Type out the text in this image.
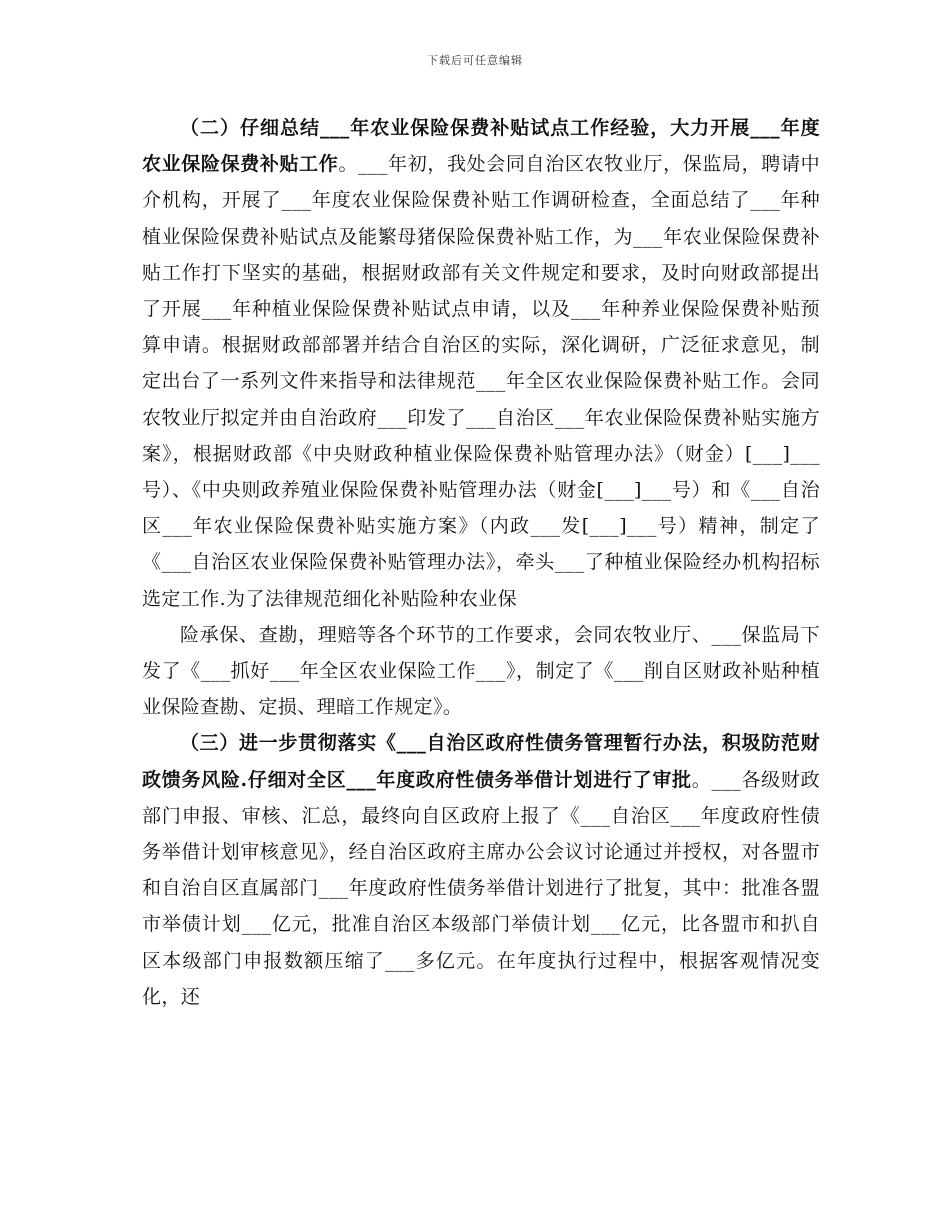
下载后可任意编辑

（二）仔细总结___年农业保险保费补贴试点工作经验，大力开展___年度农业保险保费补贴工作。___年初，我处会同自治区农牧业厅，保监局，聘请中介机构，开展了___年度农业保险保费补贴工作调研检查，全面总结了___年种植业保险保费补贴试点及能繁母猪保险保费补贴工作，为___年农业保险保费补贴工作打下坚实的基础，根据财政部有关文件规定和要求，及时向财政部提出了开展___年种植业保险保费补贴试点申请，以及___年种养业保险保费补贴预算申请。根据财政部部署并结合自治区的实际，深化调研，广泛征求意见，制定出台了一系列文件来指导和法律规范___年全区农业保险保费补贴工作。会同农牧业厅拟定并由自治政府___印发了___自治区___年农业保险保费补贴实施方案》，根据财政部《中央财政种植业保险保费补贴管理办法》（财金）[___]___号）、《中央则政养殖业保险保费补贴管理办法（财金[___]___号）和《___自治区___年农业保险保费补贴实施方案》（内政___发[___]___号）精神，制定了《___自治区农业保险保费补贴管理办法》，牵头___了种植业保险经办机构招标选定工作.为了法律规范细化补贴险种农业保

险承保、查勘，理赔等各个环节的工作要求，会同农牧业厅、___保监局下发了《___抓好___年全区农业保险工作___》，制定了《___削自区财政补贴种植业保险查勘、定损、理暗工作规定》。

（三）进一步贯彻落实《___自治区政府性债务管理暂行办法，积圾防范财政馈务风险.仔细对全区___年度政府性债务举借计划进行了审批。___各级财政部门申报、审核、汇总，最终向自区政府上报了《___自治区___年度政府性债务举借计划审核意见》，经自治区政府主席办公会议讨论通过并授权，对各盟市和自治自区直属部门___年度政府性债务举借计划进行了批复，其中：批准各盟市举债计划___亿元，批准自治区本级部门举债计划___亿元，比各盟市和扒自区本级部门申报数额压缩了___多亿元。在年度执行过程中，根据客观情况变化，还
